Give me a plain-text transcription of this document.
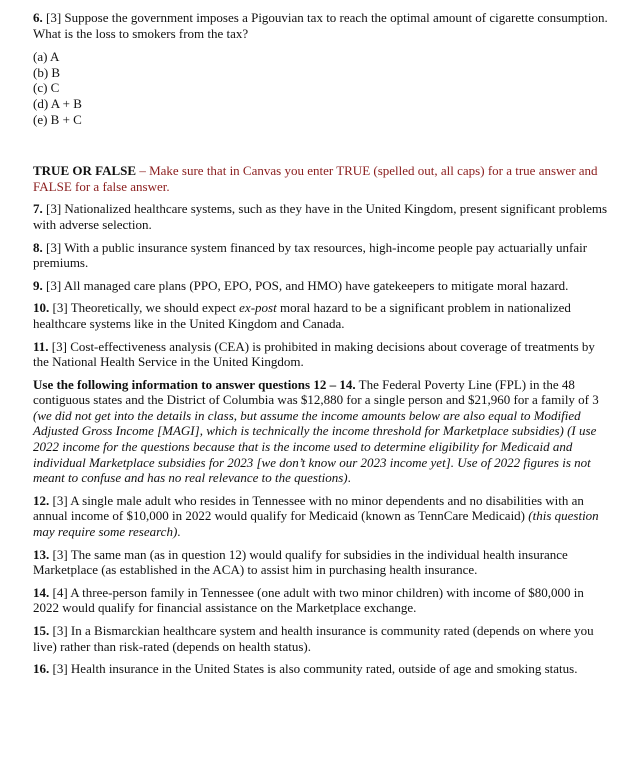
6. [3] Suppose the government imposes a Pigouvian tax to reach the optimal amount of cigarette consumption. What is the loss to smokers from the tax?

(a) A

(b) B

(c) C

(d) A + B

(e) B + C

TRUE OR FALSE – Make sure that in Canvas you enter TRUE (spelled out, all caps) for a true answer and FALSE for a false answer.

7. [3] Nationalized healthcare systems, such as they have in the United Kingdom, present significant problems with adverse selection.

8. [3] With a public insurance system financed by tax resources, high-income people pay actuarially unfair premiums.

9. [3] All managed care plans (PPO, EPO, POS, and HMO) have gatekeepers to mitigate moral hazard.

10. [3] Theoretically, we should expect ex-post moral hazard to be a significant problem in nationalized healthcare systems like in the United Kingdom and Canada.

11. [3] Cost-effectiveness analysis (CEA) is prohibited in making decisions about coverage of treatments by the National Health Service in the United Kingdom.

Use the following information to answer questions 12 – 14. The Federal Poverty Line (FPL) in the 48 contiguous states and the District of Columbia was $12,880 for a single person and $21,960 for a family of 3 (we did not get into the details in class, but assume the income amounts below are also equal to Modified Adjusted Gross Income [MAGI], which is technically the income threshold for Marketplace subsidies) (I use 2022 income for the questions because that is the income used to determine eligibility for Medicaid and individual Marketplace subsidies for 2023 [we don’t know our 2023 income yet]. Use of 2022 figures is not meant to confuse and has no real relevance to the questions).

12. [3] A single male adult who resides in Tennessee with no minor dependents and no disabilities with an annual income of $10,000 in 2022 would qualify for Medicaid (known as TennCare Medicaid) (this question may require some research).

13. [3] The same man (as in question 12) would qualify for subsidies in the individual health insurance Marketplace (as established in the ACA) to assist him in purchasing health insurance.

14. [4] A three-person family in Tennessee (one adult with two minor children) with income of $80,000 in 2022 would qualify for financial assistance on the Marketplace exchange.

15. [3] In a Bismarckian healthcare system and health insurance is community rated (depends on where you live) rather than risk-rated (depends on health status).

16. [3] Health insurance in the United States is also community rated, outside of age and smoking status.
